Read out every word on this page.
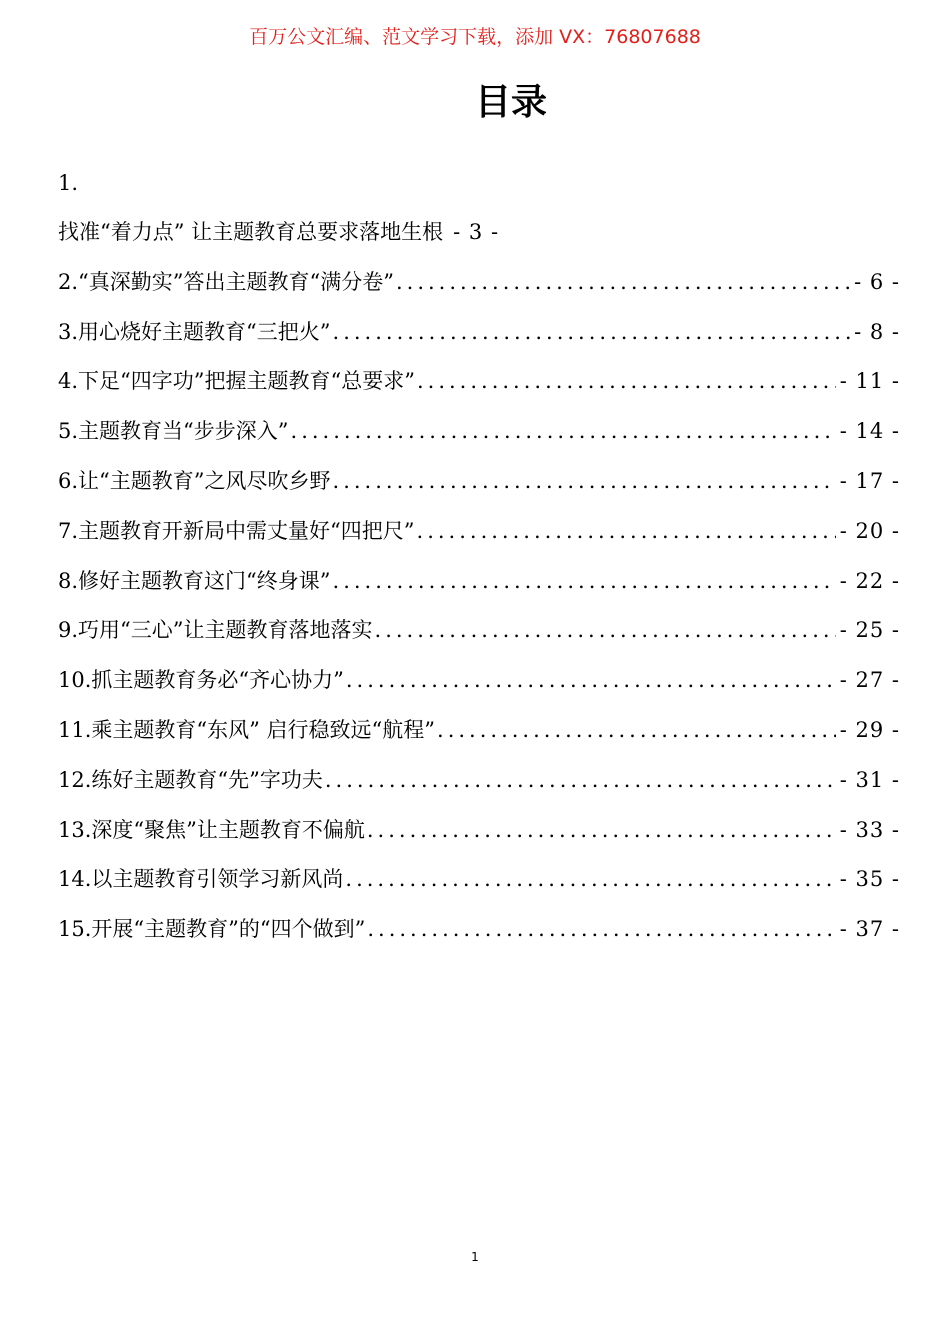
百万公文汇编、范文学习下载，添加 VX：76807688
目录
1.
找准“着力点” 让主题教育总要求落地生根 - 3 -
2.“真深勤实”答出主题教育“满分卷” .....	- 6 -
3.用心烧好主题教育“三把火” .....	- 8 -
4.下足“四字功”把握主题教育“总要求” .....	- 11 -
5.主题教育当“步步深入” .....	- 14 -
6.让“主题教育”之风尽吹乡野 .....	- 17 -
7.主题教育开新局中需丈量好“四把尺” .....	- 20 -
8.修好主题教育这门“终身课” .....	- 22 -
9.巧用“三心”让主题教育落地落实 .....	- 25 -
10.抓主题教育务必“齐心协力” .....	- 27 -
11.乘主题教育“东风” 启行稳致远“航程” .....	- 29 -
12.练好主题教育“先”字功夫 .....	- 31 -
13.深度“聚焦”让主题教育不偏航 .....	- 33 -
14.以主题教育引领学习新风尚 .....	- 35 -
15.开展“主题教育”的“四个做到” .....	- 37 -
1
